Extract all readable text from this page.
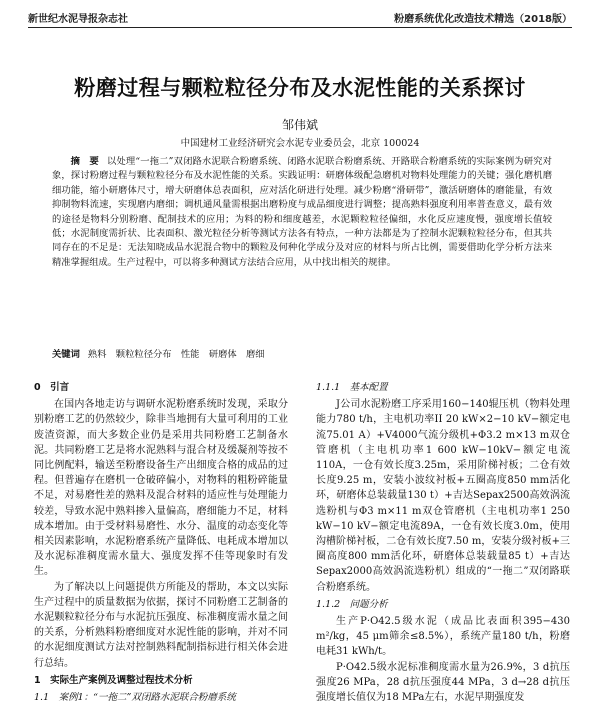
新世纪水泥导报杂志社	粉磨系统优化改造技术精选（2018版）
粉磨过程与颗粒粒径分布及水泥性能的关系探讨
邹伟斌
中国建材工业经济研究会水泥专业委员会，北京 100024
摘　要 以处理“一拖二”双闭路水泥联合粉磨系统、闭路水泥联合粉磨系统、开路联合粉磨系统的实际案例为研究对象，探讨粉磨过程与颗粒粒径分布及水泥性能的关系。实践证明：研磨体级配急磨机对物料处理能力的关键；强化磨机磨细功能，缩小研磨体尺寸，增大研磨体总表面积，应对活化研进行处理。减少粉磨“滑研带”，激活研磨体的磨能量，有效抑制物料流速，实现磨内磨细；调机通风量需根据出磨粉度与成品细度进行调整；提高熟料强度利用率普查意义，最有效的途径是物料分别粉磨、配制技术的应用；为料的粉和细度越差，水泥颗粒粒径偏细，水化反应速度慢，强度增长值较低；水泥制度需折状、比表面积、激光粒径分析等测试方法各有特点，一种方法都是为了控制水泥颗粒粒径分布，但其共同存在的不足是：无法知晓成品水泥混合物中的颗粒及何种化学成分及对应的材料与所占比例，需要借助化学分析方法来精准掌握组成。生产过程中，可以将多种测试方法结合应用，从中找出相关的规律。
关键词 熟料　颗粒粒径分布　性能　研磨体　磨细
0　引言

在国内各地走访与调研水泥粉磨系统时发现，采取分别粉磨工艺的仍然较少，除非当地拥有大量可利用的工业废渣资源，而大多数企业仍是采用共同粉磨工艺制备水泥。共同粉磨工艺是将水泥熟料与混合材及缓凝剂等按不同比例配料，输送至粉磨设备生产出细度合格的成品的过程。但普遍存在磨机一仓破碎偏小，对物料的粗粉碎能量不足，对易磨性差的熟料及混合材料的适应性与处理能力较差，导致水泥中熟料掺入量偏高，磨细能力不足，材料成本增加。由于受材料易磨性、水分、温度的动态变化等相关因素影响，水泥粉磨系统产量降低、电耗成本增加以及水泥标准稠度需水量大、强度发挥不佳等现象时有发生。

为了解决以上问题提供方所能及的帮助，本文以实际生产过程中的质量数据为依据，探讨不同粉磨工艺制备的水泥颗粒粒径分布与水泥抗压强度、标准稠度需水量之间的关系，分析熟料粉磨细度对水泥性能的影响，并对不同的水泥细度测试方法对控制熟料配制指标进行相关体会进行总结。

1　实际生产案例及调整过程技术分析
1.1　案例1：“一拖二”双闭路水泥联合粉磨系统
1.1.1　基本配置

J公司水泥粉磨工序采用160−140辊压机（物料处理能力780 t/h，主电机功率II 20 kW×2−10 kV−额定电流75.01 A）+V4000气流分级机+Φ3.2 m×13 m双仓管磨机（主电机功率1 600 kW−10kV−额定电流110A，一仓有效长度3.25m，采用阶梯衬板；二仓有效长度9.25 m，安装小波纹衬板+五圈高度850 mm活化环，研磨体总装载量130 t）+吉达Sepax2500高效涡流选粉机与Φ3 m×11 m双仓管磨机（主电机功率1 250 kW−10 kV−额定电流89A，一仓有效长度3.0m，使用沟槽阶梯衬板，二仓有效长度7.50 m，安装分级衬板+三圈高度800 mm活化环，研磨体总装载量85 t）+吉达Sepax2000高效涡流选粉机）组成的“一拖二”双闭路联合粉磨系统。

1.1.2　问题分析

生产P·O42.5级水泥（成品比表面积395−430 m²/kg，45 μm筛余≤8.5%），系统产量180 t/h，粉磨电耗31 kWh/t。

P·O42.5级水泥标准稠度需水量为26.9%，3 d抗压强度26 MPa，28 d抗压强度44 MPa，3 d→28 d抗压强度增长值仅为18 MPa左右，水泥早期强度发
